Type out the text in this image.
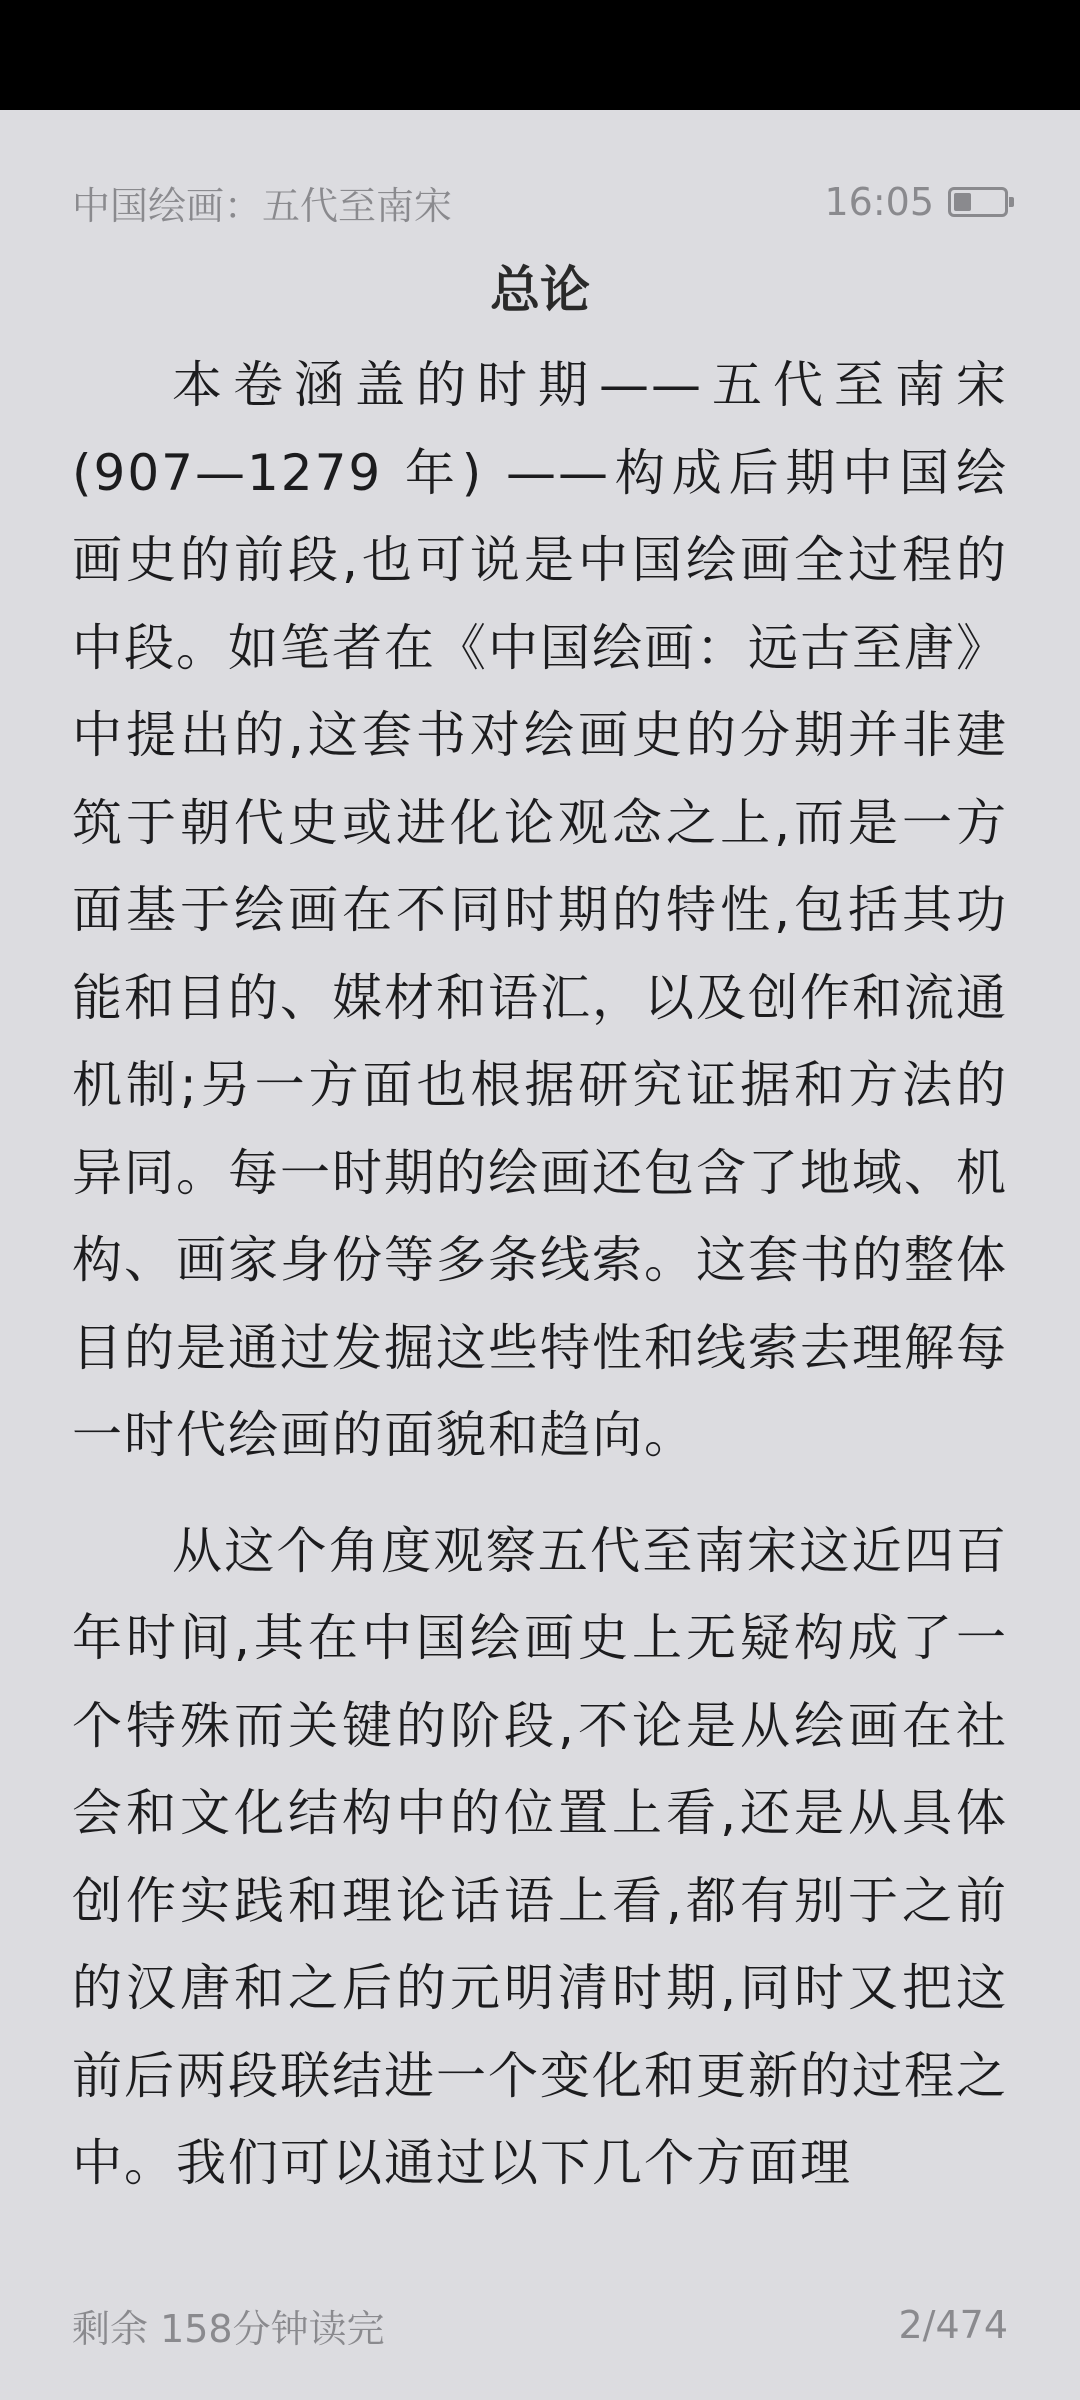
中国绘画：五代至南宋	16:05
总论

本卷涵盖的时期——五代至南宋(907—1279 年) ——构成后期中国绘画史的前段,也可说是中国绘画全过程的中段。如笔者在《中国绘画：远古至唐》中提出的,这套书对绘画史的分期并非建筑于朝代史或进化论观念之上,而是一方面基于绘画在不同时期的特性,包括其功能和目的、媒材和语汇，以及创作和流通机制;另一方面也根据研究证据和方法的异同。每一时期的绘画还包含了地域、机构、画家身份等多条线索。这套书的整体目的是通过发掘这些特性和线索去理解每一时代绘画的面貌和趋向。

从这个角度观察五代至南宋这近四百年时间,其在中国绘画史上无疑构成了一个特殊而关键的阶段,不论是从绘画在社会和文化结构中的位置上看,还是从具体创作实践和理论话语上看,都有别于之前的汉唐和之后的元明清时期,同时又把这前后两段联结进一个变化和更新的过程之中。我们可以通过以下几个方面理

剩余 158分钟读完	2/474
